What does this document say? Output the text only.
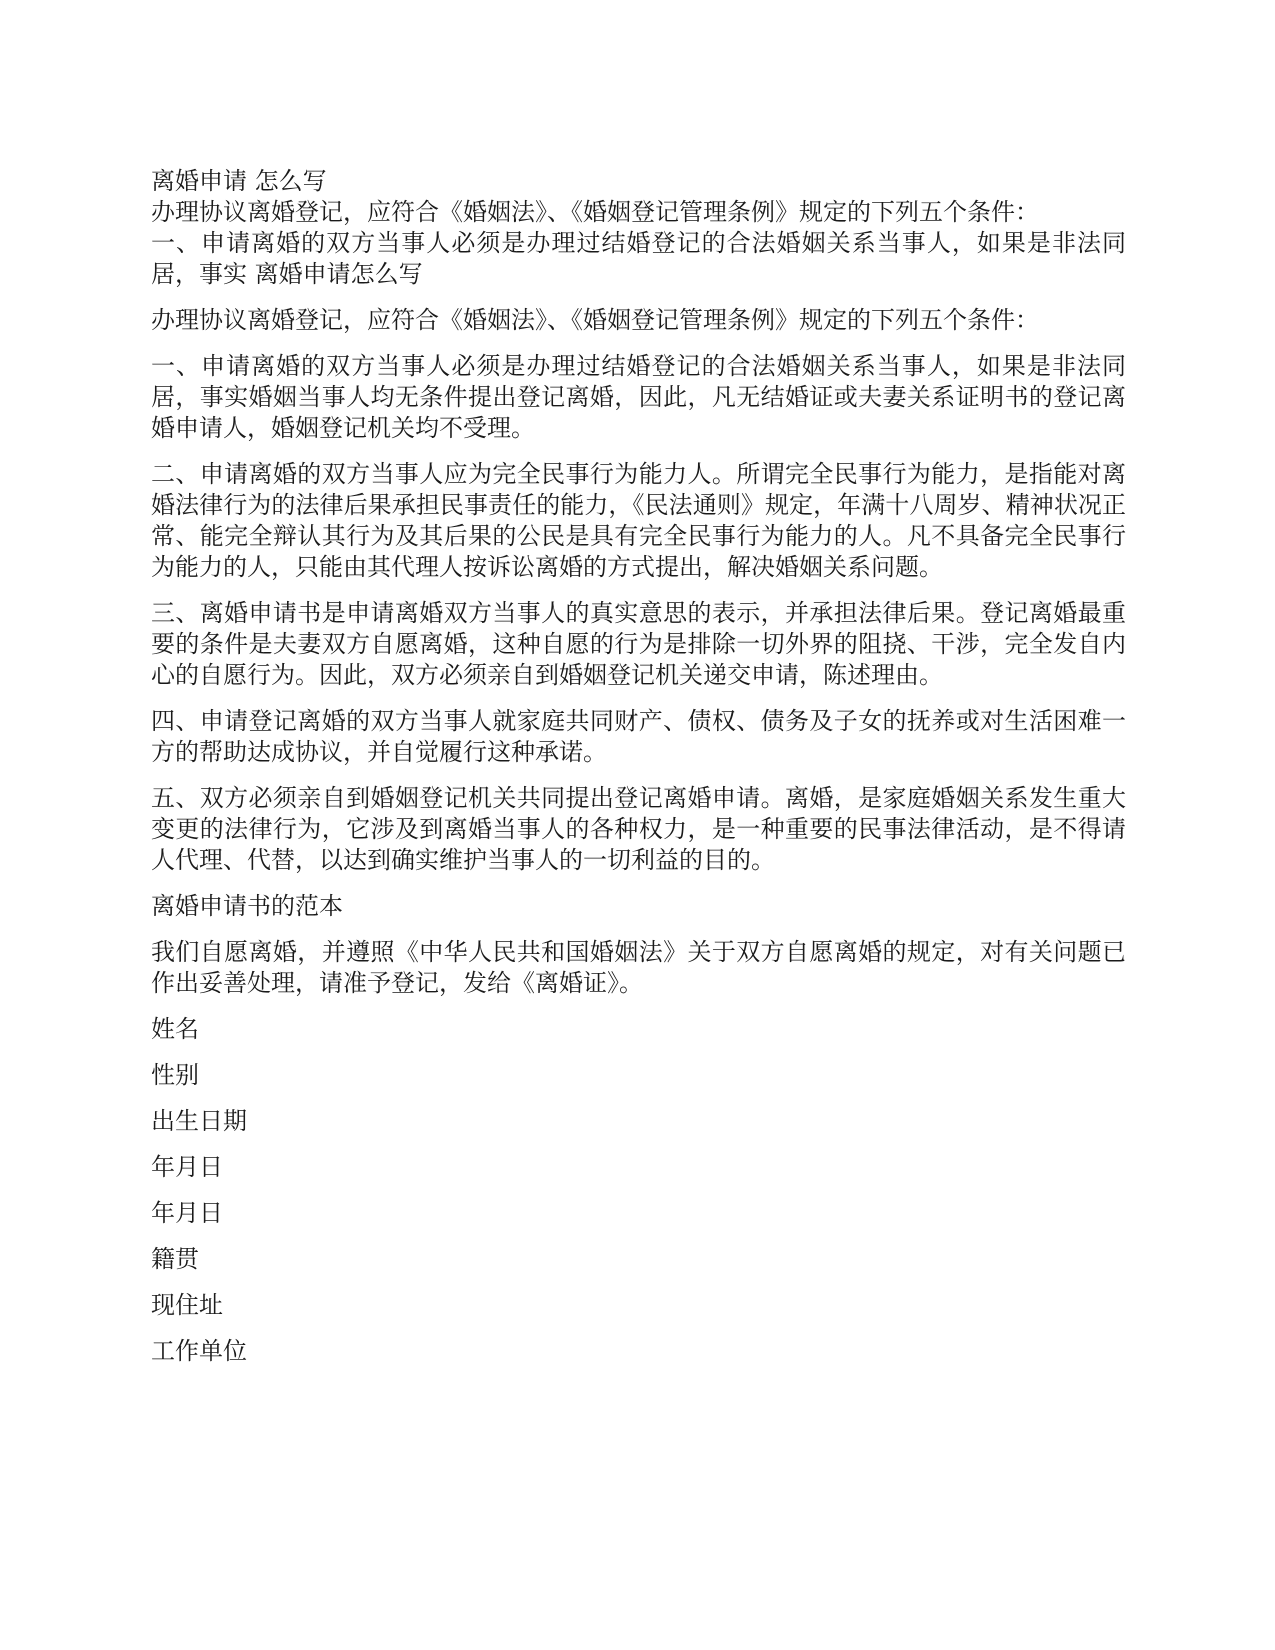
离婚申请 怎么写

办理协议离婚登记，应符合《婚姻法》、《婚姻登记管理条例》规定的下列五个条件：

一、申请离婚的双方当事人必须是办理过结婚登记的合法婚姻关系当事人，如果是非法同居，事实 离婚申请怎么写

办理协议离婚登记，应符合《婚姻法》、《婚姻登记管理条例》规定的下列五个条件：

一、申请离婚的双方当事人必须是办理过结婚登记的合法婚姻关系当事人，如果是非法同居，事实婚姻当事人均无条件提出登记离婚，因此，凡无结婚证或夫妻关系证明书的登记离婚申请人，婚姻登记机关均不受理。

二、申请离婚的双方当事人应为完全民事行为能力人。所谓完全民事行为能力，是指能对离婚法律行为的法律后果承担民事责任的能力，《民法通则》规定，年满十八周岁、精神状况正常、能完全辩认其行为及其后果的公民是具有完全民事行为能力的人。凡不具备完全民事行为能力的人，只能由其代理人按诉讼离婚的方式提出，解决婚姻关系问题。

三、离婚申请书是申请离婚双方当事人的真实意思的表示，并承担法律后果。登记离婚最重要的条件是夫妻双方自愿离婚，这种自愿的行为是排除一切外界的阻挠、干涉，完全发自内心的自愿行为。因此，双方必须亲自到婚姻登记机关递交申请，陈述理由。

四、申请登记离婚的双方当事人就家庭共同财产、债权、债务及子女的抚养或对生活困难一方的帮助达成协议，并自觉履行这种承诺。

五、双方必须亲自到婚姻登记机关共同提出登记离婚申请。离婚，是家庭婚姻关系发生重大变更的法律行为，它涉及到离婚当事人的各种权力，是一种重要的民事法律活动，是不得请人代理、代替，以达到确实维护当事人的一切利益的目的。

离婚申请书的范本

我们自愿离婚，并遵照《中华人民共和国婚姻法》关于双方自愿离婚的规定，对有关问题已作出妥善处理，请准予登记，发给《离婚证》。

姓名

性别

出生日期

年月日

年月日

籍贯

现住址

工作单位
